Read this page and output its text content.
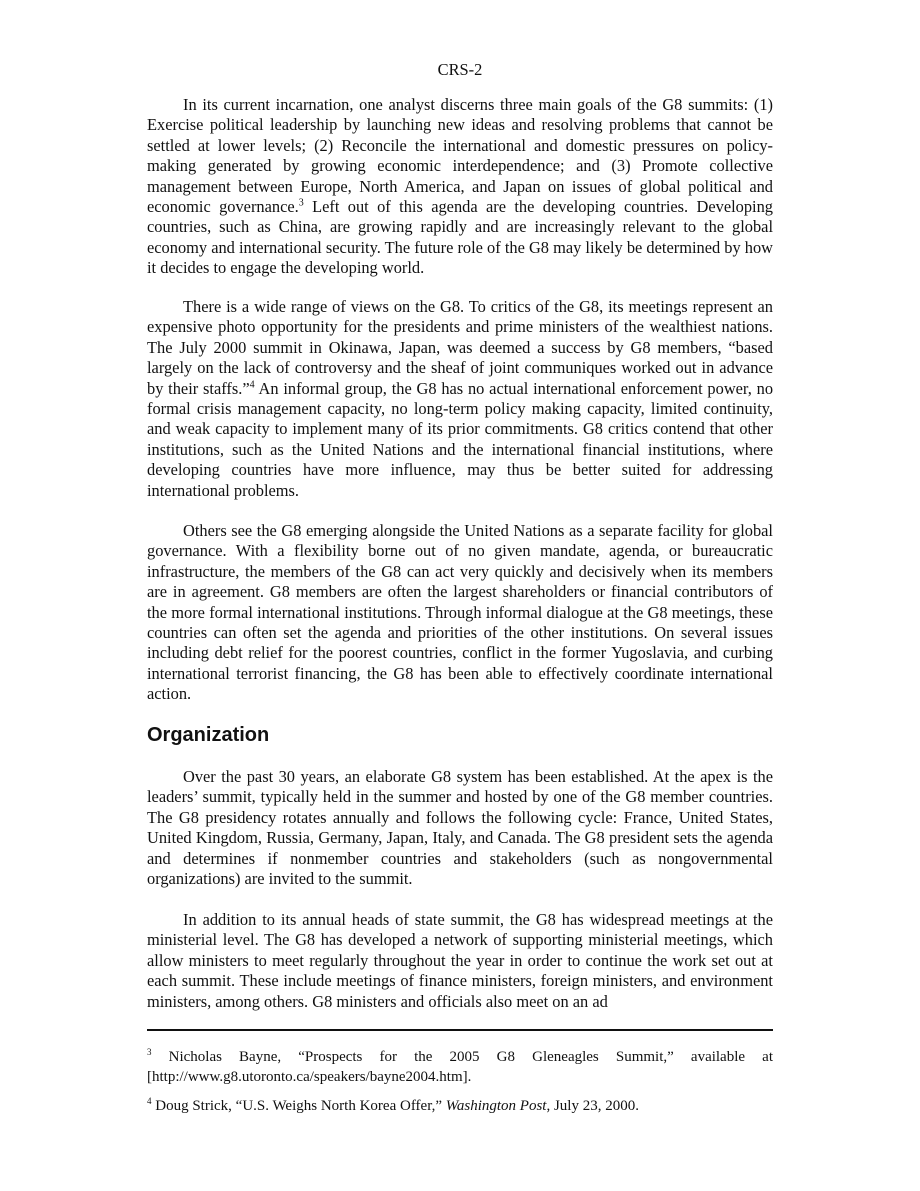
CRS-2

In its current incarnation, one analyst discerns three main goals of the G8 summits: (1) Exercise political leadership by launching new ideas and resolving problems that cannot be settled at lower levels; (2) Reconcile the international and domestic pressures on policy-making generated by growing economic interdependence; and (3) Promote collective management between Europe, North America, and Japan on issues of global political and economic governance.$^3$ Left out of this agenda are the developing countries. Developing countries, such as China, are growing rapidly and are increasingly relevant to the global economy and international security. The future role of the G8 may likely be determined by how it decides to engage the developing world.

There is a wide range of views on the G8. To critics of the G8, its meetings represent an expensive photo opportunity for the presidents and prime ministers of the wealthiest nations. The July 2000 summit in Okinawa, Japan, was deemed a success by G8 members, “based largely on the lack of controversy and the sheaf of joint communiques worked out in advance by their staffs.”$^4$ An informal group, the G8 has no actual international enforcement power, no formal crisis management capacity, no long-term policy making capacity, limited continuity, and weak capacity to implement many of its prior commitments. G8 critics contend that other institutions, such as the United Nations and the international financial institutions, where developing countries have more influence, may thus be better suited for addressing international problems.

Others see the G8 emerging alongside the United Nations as a separate facility for global governance. With a flexibility borne out of no given mandate, agenda, or bureaucratic infrastructure, the members of the G8 can act very quickly and decisively when its members are in agreement. G8 members are often the largest shareholders or financial contributors of the more formal international institutions. Through informal dialogue at the G8 meetings, these countries can often set the agenda and priorities of the other institutions. On several issues including debt relief for the poorest countries, conflict in the former Yugoslavia, and curbing international terrorist financing, the G8 has been able to effectively coordinate international action.

Organization

Over the past 30 years, an elaborate G8 system has been established. At the apex is the leaders’ summit, typically held in the summer and hosted by one of the G8 member countries. The G8 presidency rotates annually and follows the following cycle: France, United States, United Kingdom, Russia, Germany, Japan, Italy, and Canada. The G8 president sets the agenda and determines if nonmember countries and stakeholders (such as nongovernmental organizations) are invited to the summit.

In addition to its annual heads of state summit, the G8 has widespread meetings at the ministerial level. The G8 has developed a network of supporting ministerial meetings, which allow ministers to meet regularly throughout the year in order to continue the work set out at each summit. These include meetings of finance ministers, foreign ministers, and environment ministers, among others. G8 ministers and officials also meet on an ad

$^3$ Nicholas Bayne, “Prospects for the 2005 G8 Gleneagles Summit,” available at [http://www.g8.utoronto.ca/speakers/bayne2004.htm].

$^4$ Doug Strick, “U.S. Weighs North Korea Offer,” Washington Post, July 23, 2000.
